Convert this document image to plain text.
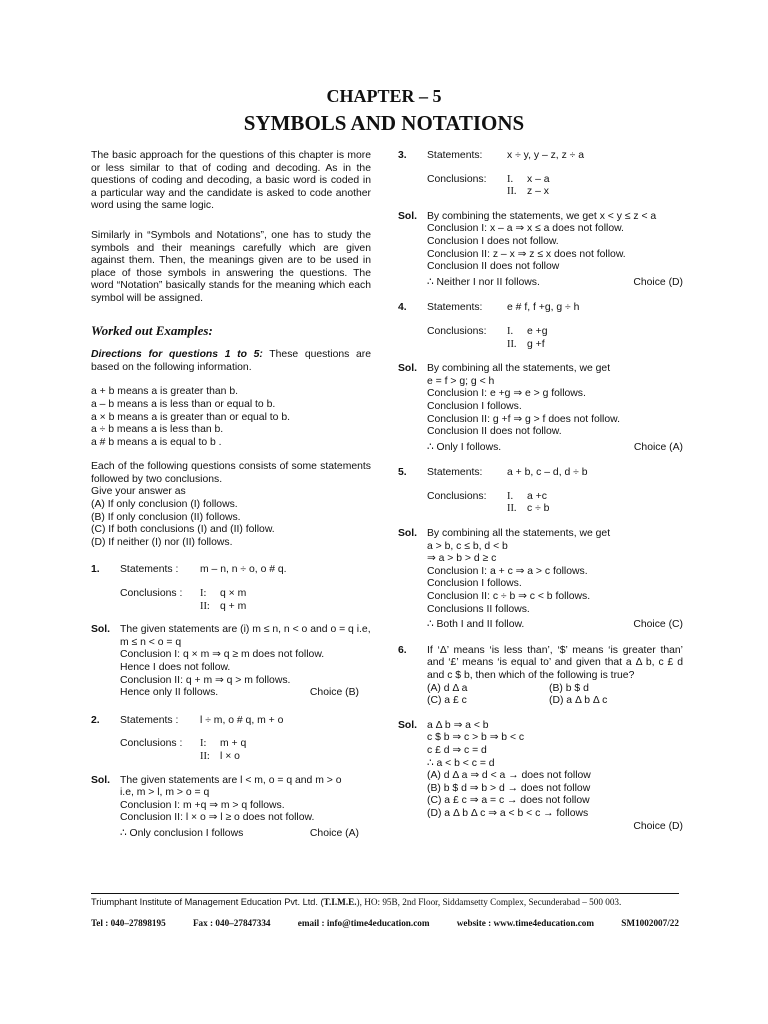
CHAPTER – 5
SYMBOLS AND NOTATIONS

The basic approach for the questions of this chapter is more or less similar to that of coding and decoding. As in the questions of coding and decoding, a basic word is coded in a particular way and the candidate is asked to code another word using the same logic.

Similarly in “Symbols and Notations”, one has to study the symbols and their meanings carefully which are given against them. Then, the meanings given are to be used in place of those symbols in answering the questions. The word “Notation” basically stands for the meaning which each symbol will be assigned.

Worked out Examples:

Directions for questions 1 to 5: These questions are based on the following information.

a + b means a is greater than b.
a – b means a is less than or equal to b.
a × b means a is greater than or equal to b.
a ÷ b means a is less than b.
a # b means a is equal to b .

Each of the following questions consists of some statements followed by two conclusions.

Give your answer as
(A) If only conclusion (I) follows.
(B) If only conclusion (II) follows.
(C) If both conclusions (I) and (II) follow.
(D) If neither (I) nor (II) follows.
1. Statements :	m – n, n ÷ o, o # q.
Conclusions :	I:	q × m
II: q + m
Sol. The given statements are (i) m ≤ n, n < o and o = q i.e,
m ≤ n < o = q
Conclusion I: q × m ⇒ q ≥ m does not follow.
Hence I does not follow.
Conclusion II: q + m ⇒ q > m follows.
Hence only II follows.	Choice (B)
2. Statements :	l ÷ m, o # q, m + o
Conclusions :	I:	m + q
II: l × o
Sol. The given statements are l < m, o = q and m > o
i.e, m > l, m > o = q
Conclusion I: m +q ⇒ m > q follows.
Conclusion II: l × o ⇒ l ≥ o does not follow.
∴ Only conclusion I follows	Choice (A)
3. Statements:	x ÷ y, y – z, z ÷ a
Conclusions:	I.	x – a
II.	z – x
Sol. By combining the statements, we get x < y ≤ z < a
Conclusion I: x – a ⇒ x ≤ a does not follow.
Conclusion I does not follow.
Conclusion II: z – x ⇒ z ≤ x does not follow.
Conclusion II does not follow
∴ Neither I nor II follows.	Choice (D)
4. Statements:	e # f, f +g, g ÷ h
Conclusions:	I.	e +g
II.	g +f
Sol. By combining all the statements, we get
e = f > g; g < h
Conclusion I: e +g ⇒ e > g follows.
Conclusion I follows.
Conclusion II: g +f ⇒ g > f does not follow.
Conclusion II does not follow.
∴ Only I follows.	Choice (A)
5. Statements:	a + b, c – d, d ÷ b
Conclusions:	I.	a +c
II.	c ÷ b
Sol. By combining all the statements, we get
a > b, c ≤ b, d < b
⇒ a > b > d ≥ c
Conclusion I: a + c ⇒ a > c follows.
Conclusion I follows.
Conclusion II: c ÷ b ⇒ c < b follows.
Conclusions II follows.
∴ Both I and II follow.	Choice (C)
6. If ‘Δ’ means ‘is less than’, ‘$’ means ‘is greater than’ and ‘£’ means ‘is equal to’ and given that a Δ b, c £ d and c $ b, then which of the following is true?

(A) d Δ a	(B) b $ d
(C) a £ c	(D) a Δ b Δ c
Sol. a Δ b ⇒ a < b
c $ b ⇒ c > b ⇒ b < c
c £ d ⇒ c = d
∴ a < b < c = d
(A) d Δ a ⇒ d < a → does not follow
(B) b $ d ⇒ b > d → does not follow
(C) a £ c ⇒ a = c → does not follow
(D) a Δ b Δ c ⇒ a < b < c → follows
Choice (D)
Triumphant Institute of Management Education Pvt. Ltd. (T.I.M.E.), HO: 95B, 2nd Floor, Siddamsetty Complex, Secunderabad – 500 003.
Tel : 040–27898195	Fax : 040–27847334	email : info@time4education.com	website : www.time4education.com	SM1002007/22
